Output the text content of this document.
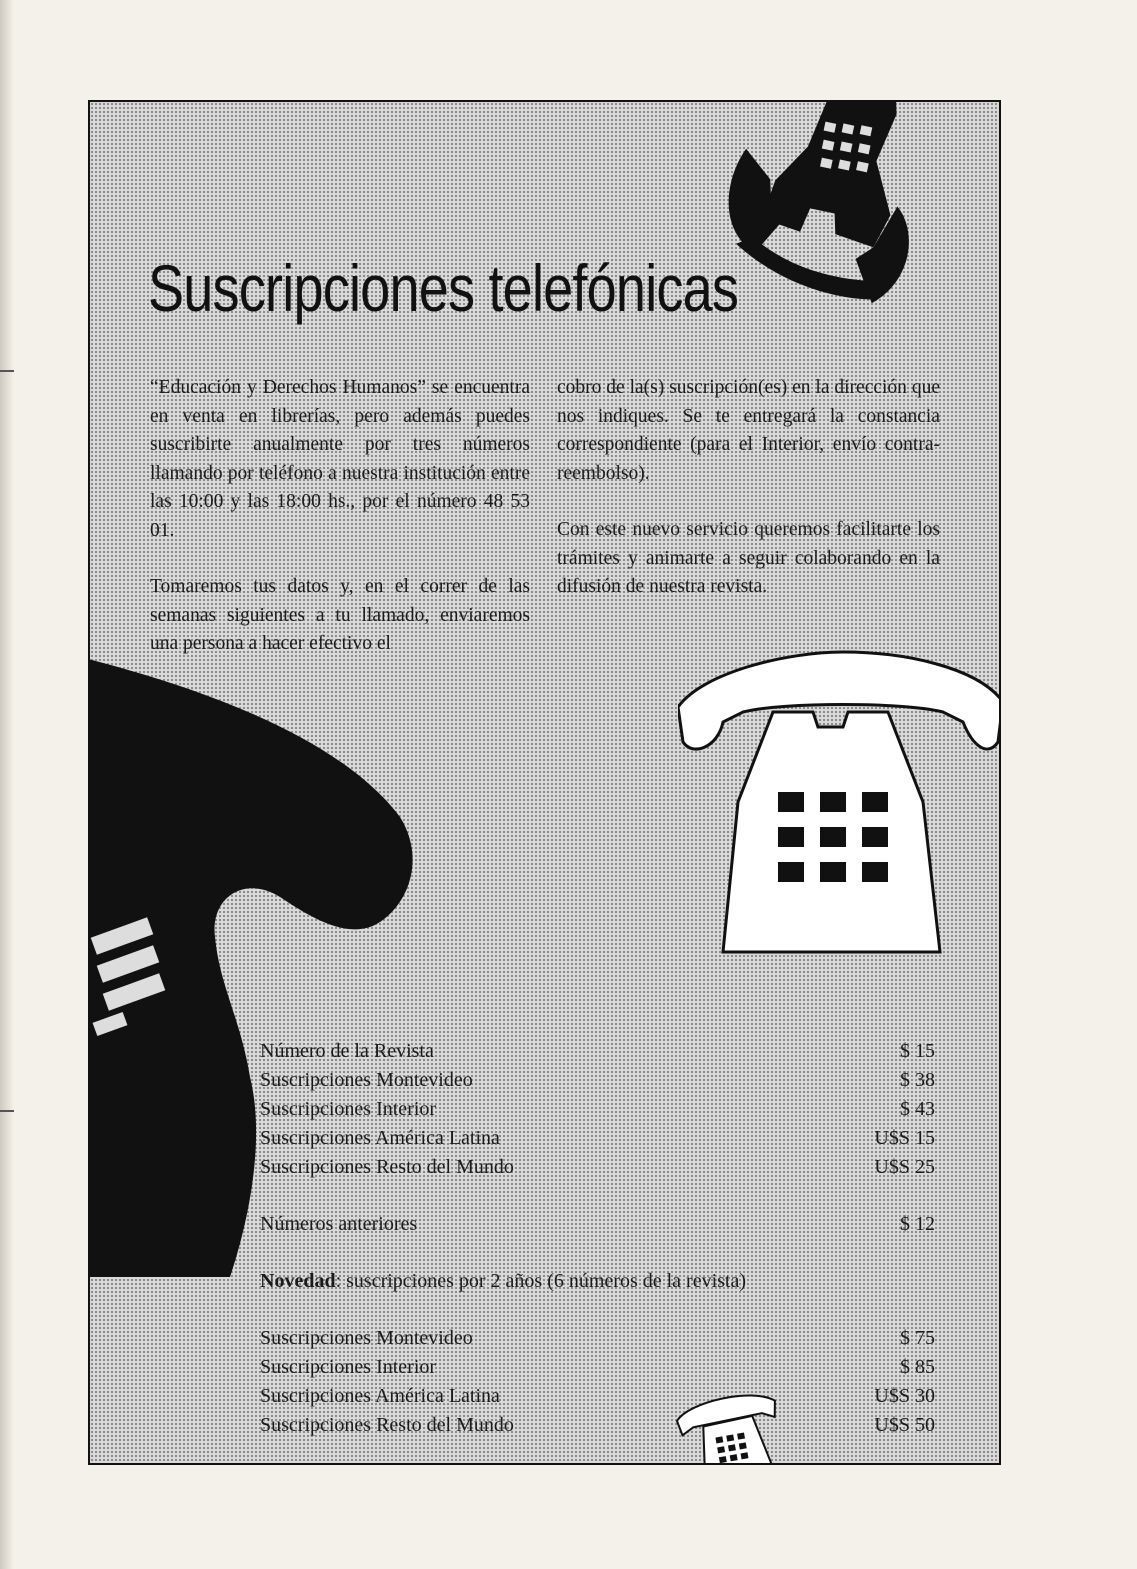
Suscripciones telefónicas

“Educación y Derechos Humanos” se encuentra en venta en librerías, pero además puedes suscribirte anualmente por tres números llamando por teléfono a nuestra institución entre las 10:00 y las 18:00 hs., por el número 48 53 01.

Tomaremos tus datos y, en el correr de las semanas siguientes a tu llamado, enviaremos una persona a hacer efectivo el

cobro de la(s) suscripción(es) en la dirección que nos indiques. Se te entregará la constancia correspondiente (para el Interior, envío contra-reembolso).

Con este nuevo servicio queremos facilitarte los trámites y animarte a seguir colaborando en la difusión de nuestra revista.

Número de la Revista	$ 15
Suscripciones Montevideo	$ 38
Suscripciones Interior	$ 43
Suscripciones América Latina	U$S 15
Suscripciones Resto del Mundo	U$S 25
Números anteriores	$ 12

Novedad: suscripciones por 2 años (6 números de la revista)

Suscripciones Montevideo	$ 75
Suscripciones Interior	$ 85
Suscripciones América Latina	U$S 30
Suscripciones Resto del Mundo	U$S 50
